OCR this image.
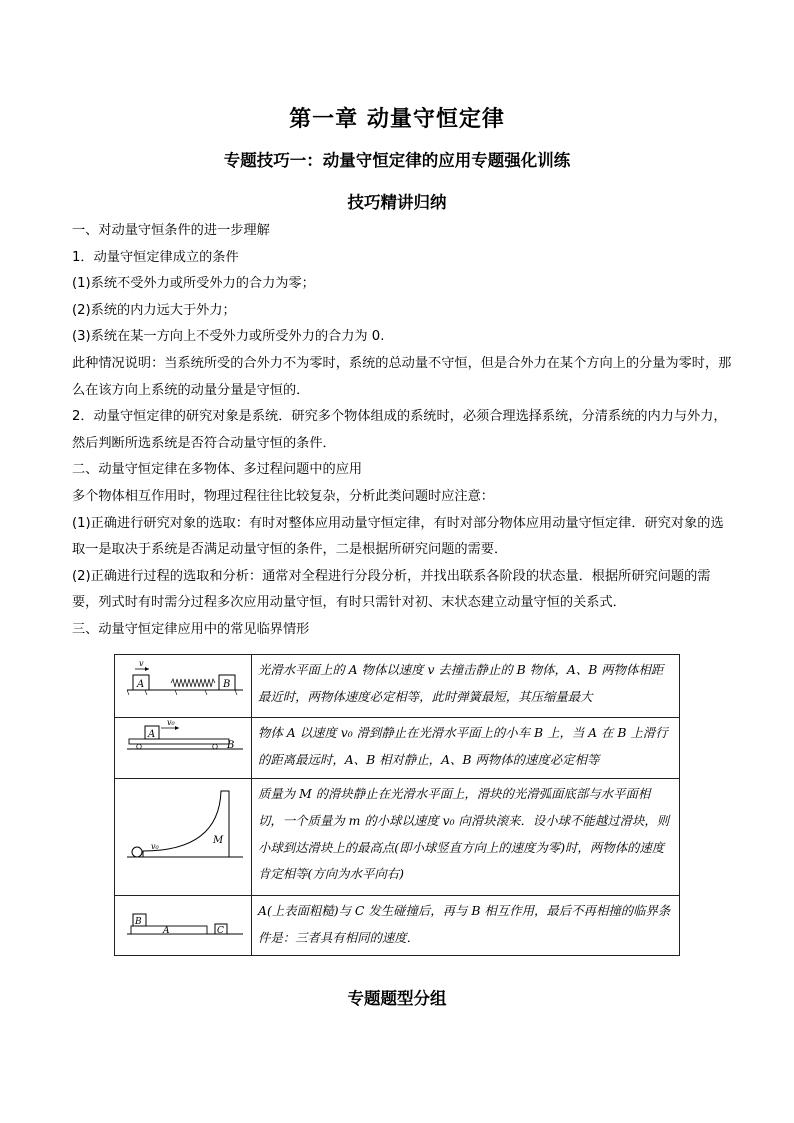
第一章 动量守恒定律
专题技巧一：动量守恒定律的应用专题强化训练
技巧精讲归纳

一、对动量守恒条件的进一步理解

1．动量守恒定律成立的条件

(1)系统不受外力或所受外力的合力为零；

(2)系统的内力远大于外力；

(3)系统在某一方向上不受外力或所受外力的合力为 0.

此种情况说明：当系统所受的合外力不为零时，系统的总动量不守恒，但是合外力在某个方向上的分量为零时，那么在该方向上系统的动量分量是守恒的．

2．动量守恒定律的研究对象是系统．研究多个物体组成的系统时，必须合理选择系统，分清系统的内力与外力，然后判断所选系统是否符合动量守恒的条件．

二、动量守恒定律在多物体、多过程问题中的应用

多个物体相互作用时，物理过程往往比较复杂，分析此类问题时应注意：

(1)正确进行研究对象的选取：有时对整体应用动量守恒定律，有时对部分物体应用动量守恒定律．研究对象的选取一是取决于系统是否满足动量守恒的条件，二是根据所研究问题的需要．

(2)正确进行过程的选取和分析：通常对全程进行分段分析，并找出联系各阶段的状态量．根据所研究问题的需要，列式时有时需分过程多次应用动量守恒，有时只需针对初、末状态建立动量守恒的关系式．

三、动量守恒定律应用中的常见临界情形

A
v
B	光滑水平面上的 A 物体以速度 v 去撞击静止的 B 物体，A、B 两物体相距最近时，两物体速度必定相等，此时弹簧最短，其压缩量最大

A
v₀
B	物体 A 以速度 v₀ 滑到静止在光滑水平面上的小车 B 上，当 A 在 B 上滑行的距离最远时，A、B 相对静止，A、B 两物体的速度必定相等

M
v₀	质量为 M 的滑块静止在光滑水平面上，滑块的光滑弧面底部与水平面相切，一个质量为 m 的小球以速度 v₀ 向滑块滚来．设小球不能越过滑块，则小球到达滑块上的最高点(即小球竖直方向上的速度为零)时，两物体的速度肯定相等(方向为水平向右)

A
B
C	A(上表面粗糙)与 C 发生碰撞后，再与 B 相互作用，最后不再相撞的临界条件是：三者具有相同的速度．
专题题型分组
